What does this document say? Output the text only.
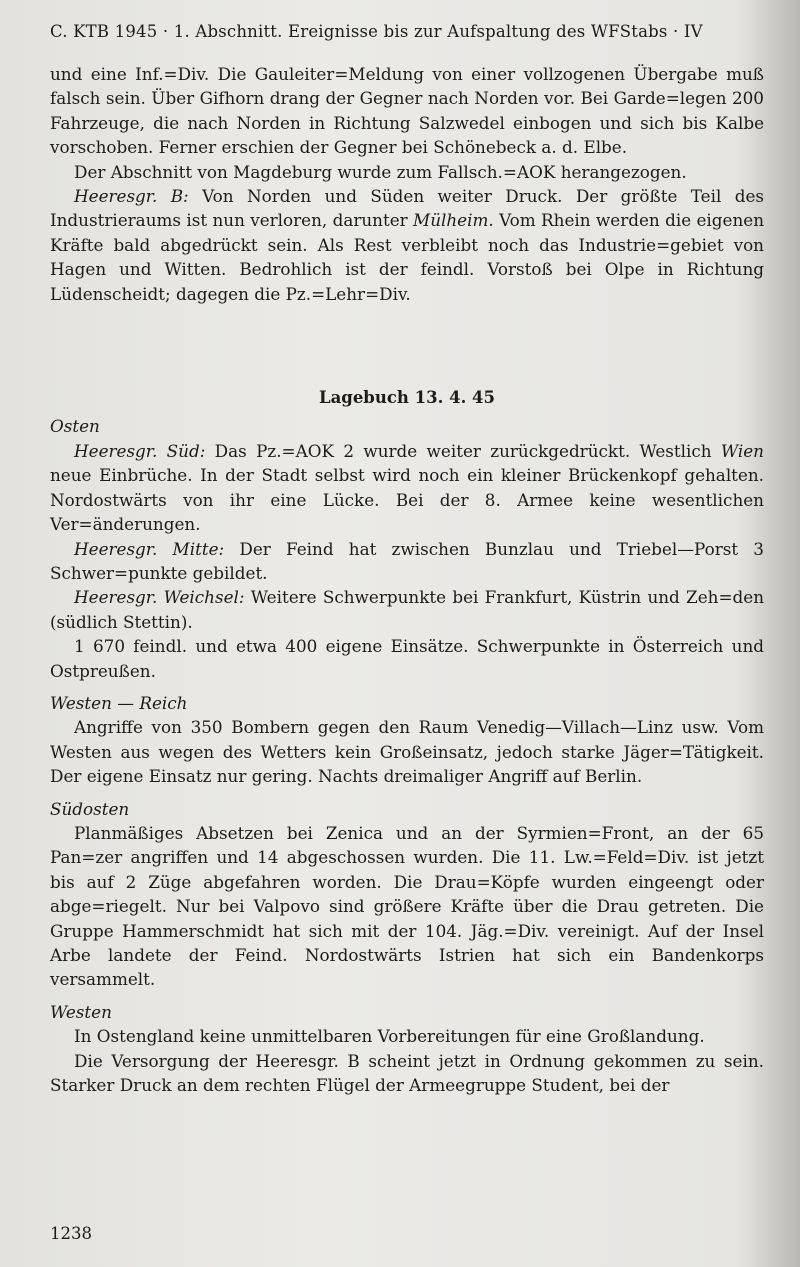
C. KTB 1945 · 1. Abschnitt. Ereignisse bis zur Aufspaltung des WFStabs · IV

und eine Inf.=Div. Die Gauleiter=Meldung von einer vollzogenen Übergabe muß falsch sein. Über Gifhorn drang der Gegner nach Norden vor. Bei Garde=legen 200 Fahrzeuge, die nach Norden in Richtung Salzwedel einbogen und sich bis Kalbe vorschoben. Ferner erschien der Gegner bei Schönebeck a. d. Elbe.

Der Abschnitt von Magdeburg wurde zum Fallsch.=AOK herangezogen.

Heeresgr. B: Von Norden und Süden weiter Druck. Der größte Teil des Industrieraums ist nun verloren, darunter Mülheim. Vom Rhein werden die eigenen Kräfte bald abgedrückt sein. Als Rest verbleibt noch das Industrie=gebiet von Hagen und Witten. Bedrohlich ist der feindl. Vorstoß bei Olpe in Richtung Lüdenscheidt; dagegen die Pz.=Lehr=Div.

Lagebuch 13. 4. 45

Osten

Heeresgr. Süd: Das Pz.=AOK 2 wurde weiter zurückgedrückt. Westlich Wien neue Einbrüche. In der Stadt selbst wird noch ein kleiner Brückenkopf gehalten. Nordostwärts von ihr eine Lücke. Bei der 8. Armee keine wesentlichen Ver=änderungen.

Heeresgr. Mitte: Der Feind hat zwischen Bunzlau und Triebel—Porst 3 Schwer=punkte gebildet.

Heeresgr. Weichsel: Weitere Schwerpunkte bei Frankfurt, Küstrin und Zeh=den (südlich Stettin).

1 670 feindl. und etwa 400 eigene Einsätze. Schwerpunkte in Österreich und Ostpreußen.

Westen — Reich

Angriffe von 350 Bombern gegen den Raum Venedig—Villach—Linz usw. Vom Westen aus wegen des Wetters kein Großeinsatz, jedoch starke Jäger=Tätigkeit. Der eigene Einsatz nur gering. Nachts dreimaliger Angriff auf Berlin.

Südosten

Planmäßiges Absetzen bei Zenica und an der Syrmien=Front, an der 65 Pan=zer angriffen und 14 abgeschossen wurden. Die 11. Lw.=Feld=Div. ist jetzt bis auf 2 Züge abgefahren worden. Die Drau=Köpfe wurden eingeengt oder abge=riegelt. Nur bei Valpovo sind größere Kräfte über die Drau getreten. Die Gruppe Hammerschmidt hat sich mit der 104. Jäg.=Div. vereinigt. Auf der Insel Arbe landete der Feind. Nordostwärts Istrien hat sich ein Bandenkorps versammelt.

Westen

In Ostengland keine unmittelbaren Vorbereitungen für eine Großlandung.

Die Versorgung der Heeresgr. B scheint jetzt in Ordnung gekommen zu sein. Starker Druck an dem rechten Flügel der Armeegruppe Student, bei der

1238
